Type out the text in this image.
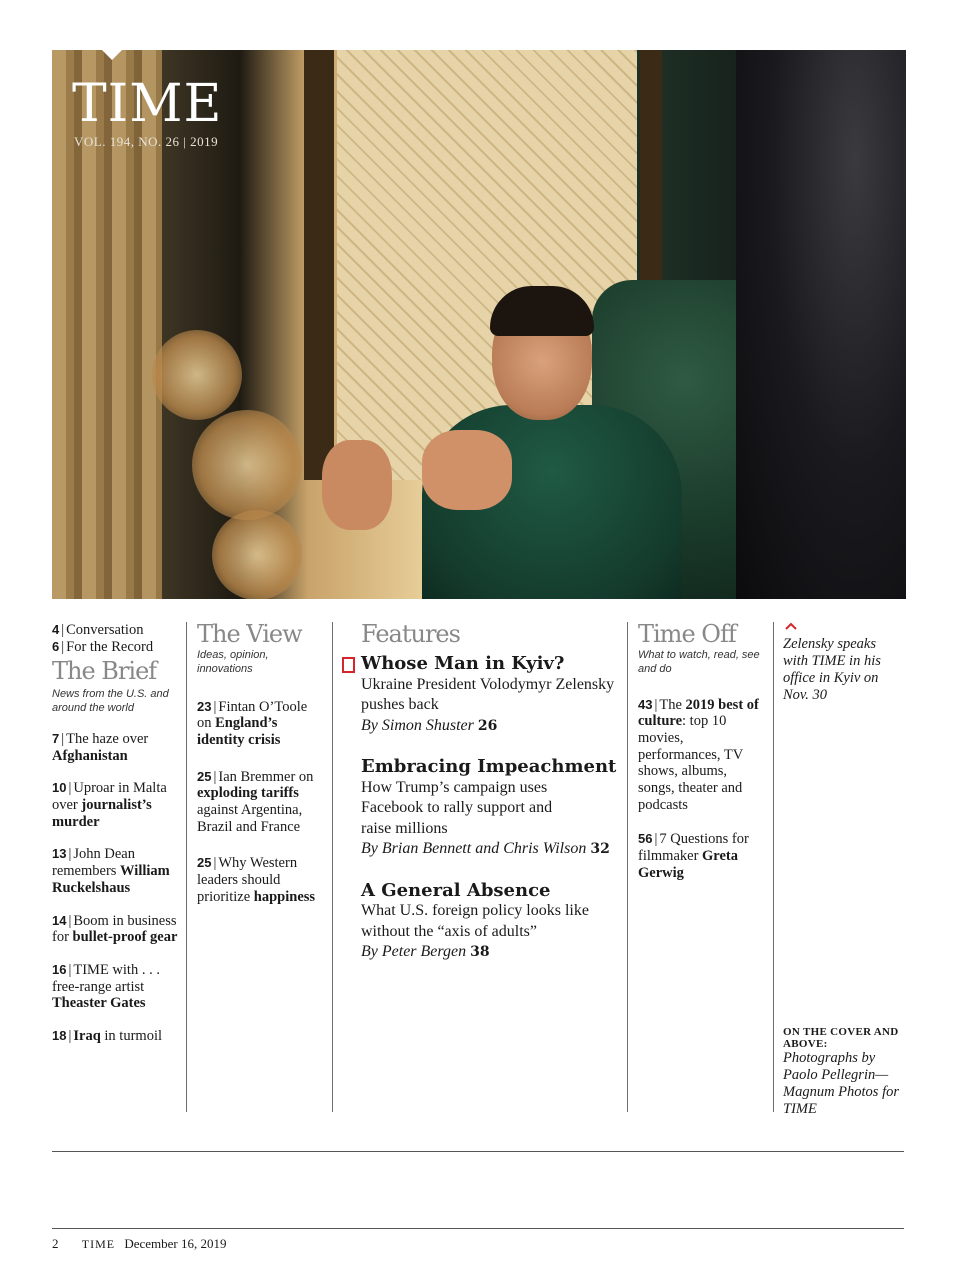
TIME
VOL. 194, NO. 26 | 2019
4 | Conversation
6 | For the Record
The Brief
News from the U.S. and around the world
7 | The haze over Afghanistan
10 | Uproar in Malta over journalist’s murder
13 | John Dean remembers William Ruckelshaus
14 | Boom in business for bullet-proof gear
16 | TIME with . . . free-range artist Theaster Gates
18 | Iraq in turmoil
The View
Ideas, opinion, innovations
23 | Fintan O’Toole on England’s identity crisis
25 | Ian Bremmer on exploding tariffs against Argentina, Brazil and France
25 | Why Western leaders should prioritize happiness
Features
Whose Man in Kyiv?
Ukraine President Volodymyr Zelensky pushes back
By Simon Shuster 26
Embracing Impeachment
How Trump’s campaign uses Facebook to rally support and raise millions
By Brian Bennett and Chris Wilson 32
A General Absence
What U.S. foreign policy looks like without the “axis of adults”
By Peter Bergen 38
Time Off
What to watch, read, see and do
43 | The 2019 best of culture: top 10 movies, performances, TV shows, albums, songs, theater and podcasts
56 | 7 Questions for filmmaker Greta Gerwig
Zelensky speaks with TIME in his office in Kyiv on Nov. 30
ON THE COVER AND ABOVE:
Photographs by Paolo Pellegrin—Magnum Photos for TIME
2 TIME December 16, 2019
